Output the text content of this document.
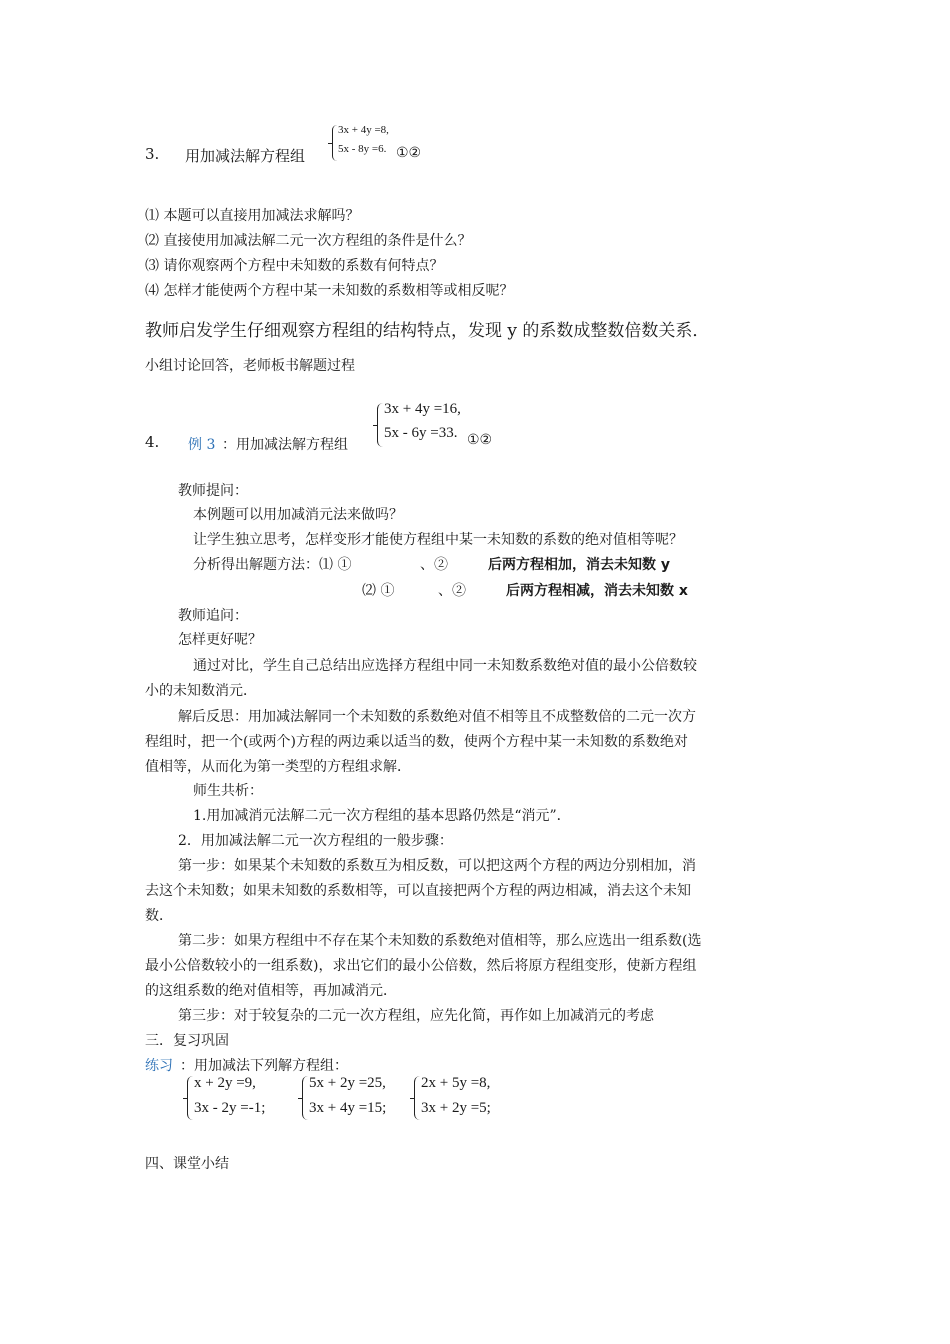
3. 用加减法解方程组
3x + 4y =8,
5x - 8y =6. ①②
⑴ 本题可以直接用加减法求解吗？
⑵ 直接使用加减法解二元一次方程组的条件是什么？
⑶ 请你观察两个方程中未知数的系数有何特点？
⑷ 怎样才能使两个方程中某一未知数的系数相等或相反呢？
教师启发学生仔细观察方程组的结构特点，发现 y 的系数成整数倍数关系．
小组讨论回答，老师板书解题过程
4. 例 3 ：用加减法解方程组
3x + 4y =16,
5x - 6y =33. ①②
教师提问：
本例题可以用加减消元法来做吗？
让学生独立思考，怎样变形才能使方程组中某一未知数的系数的绝对值相等呢？
分析得出解题方法：⑴ ①	、②	后两方程相加，消去未知数 y
⑵ ①	、②	后两方程相减，消去未知数 x
教师追问：
怎样更好呢？
通过对比，学生自己总结出应选择方程组中同一未知数系数绝对值的最小公倍数较
小的未知数消元．
解后反思：用加减法解同一个未知数的系数绝对值不相等且不成整数倍的二元一次方
程组时，把一个(或两个)方程的两边乘以适当的数，使两个方程中某一未知数的系数绝对
值相等，从而化为第一类型的方程组求解．
师生共析：
1.用加减消元法解二元一次方程组的基本思路仍然是“消元”．
2．用加减法解二元一次方程组的一般步骤：
第一步：如果某个未知数的系数互为相反数，可以把这两个方程的两边分别相加，消
去这个未知数；如果未知数的系数相等，可以直接把两个方程的两边相减，消去这个未知
数．
第二步：如果方程组中不存在某个未知数的系数绝对值相等，那么应选出一组系数(选
最小公倍数较小的一组系数)，求出它们的最小公倍数，然后将原方程组变形，使新方程组
的这组系数的绝对值相等，再加减消元．
第三步：对于较复杂的二元一次方程组，应先化简，再作如上加减消元的考虑
三．复习巩固
练习 ：用加减法下列解方程组：
x + 2y =9,
3x - 2y =-1;
5x + 2y =25,
3x + 4y =15;
2x + 5y =8,
3x + 2y =5;
四、课堂小结
